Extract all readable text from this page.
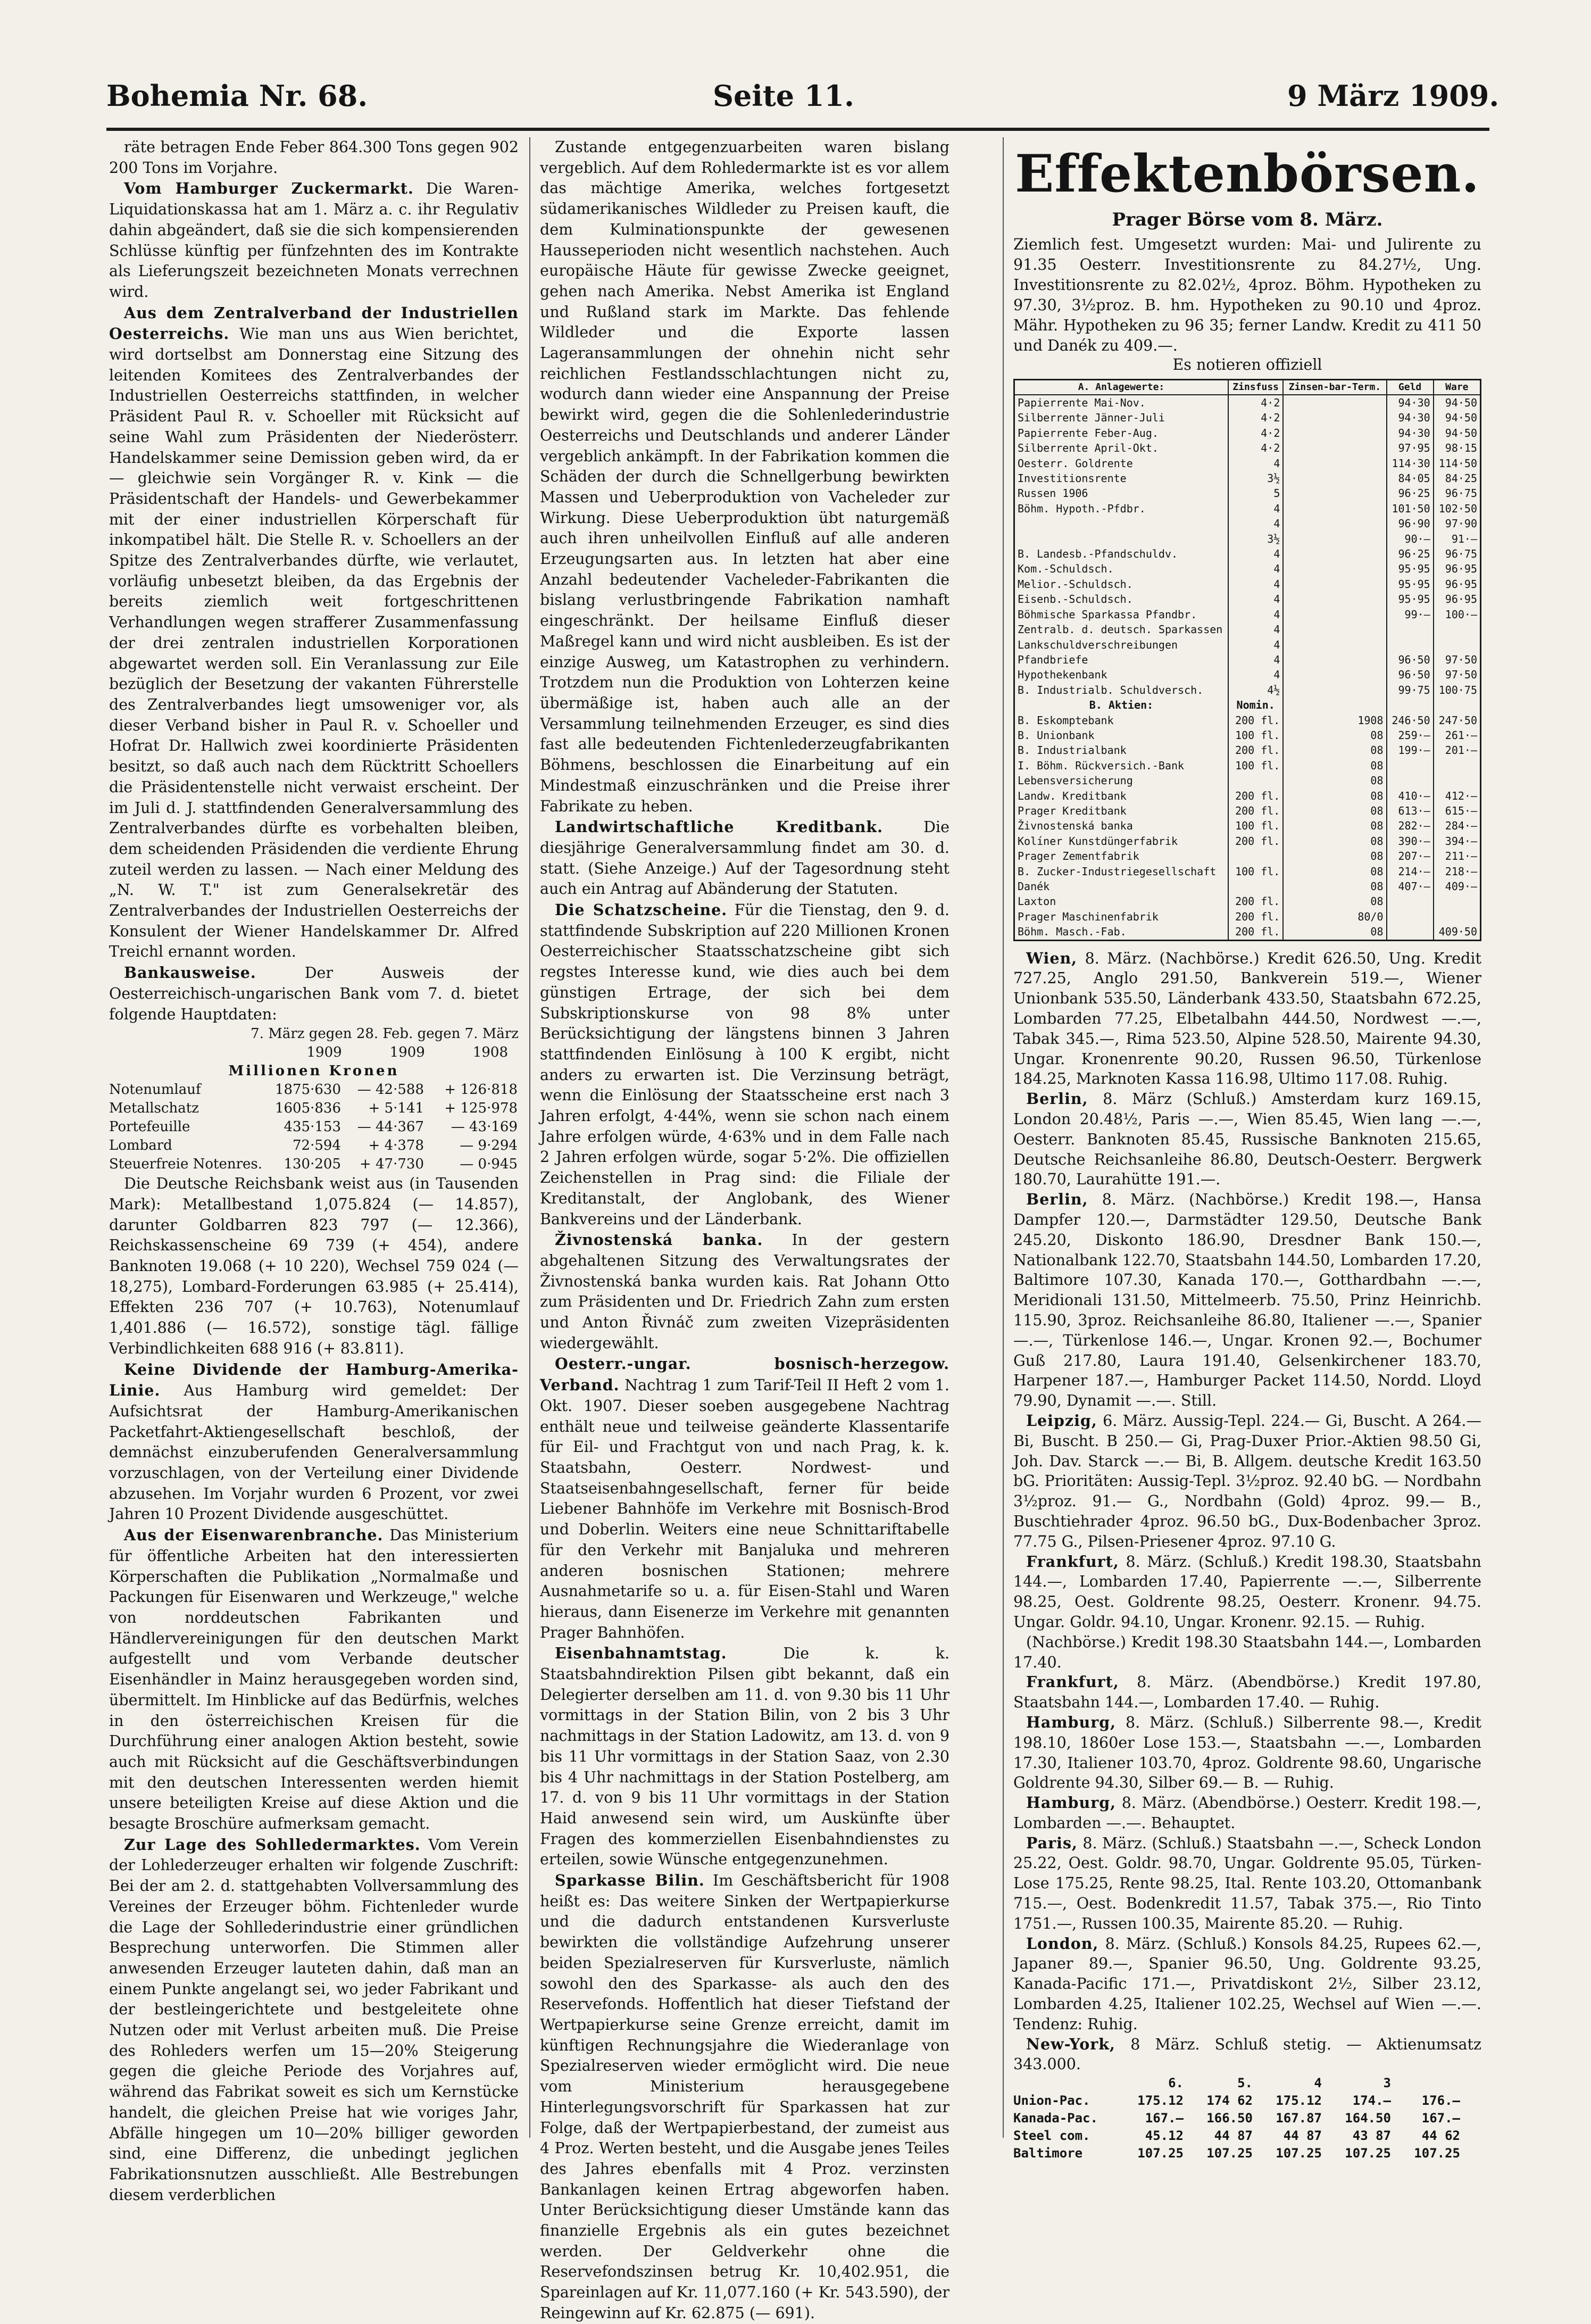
Bohemia Nr. 68.	Seite 11.	9 März 1909.

räte betragen Ende Feber 864.300 Tons gegen 902 200 Tons im Vorjahre.

Vom Hamburger Zuckermarkt. Die Waren-Liquidationskassa hat am 1. März a. c. ihr Regulativ dahin abgeändert, daß sie die sich kompensierenden Schlüsse künftig per fünfzehnten des im Kontrakte als Lieferungszeit bezeichneten Monats verrechnen wird.

Aus dem Zentralverband der Industriellen Oesterreichs. Wie man uns aus Wien berichtet, wird dortselbst am Donnerstag eine Sitzung des leitenden Komitees des Zentralverbandes der Industriellen Oesterreichs stattfinden, in welcher Präsident Paul R. v. Schoeller mit Rücksicht auf seine Wahl zum Präsidenten der Niederösterr. Handelskammer seine Demission geben wird, da er — gleichwie sein Vorgänger R. v. Kink — die Präsidentschaft der Handels- und Gewerbekammer mit der einer industriellen Körperschaft für inkompatibel hält. Die Stelle R. v. Schoellers an der Spitze des Zentralverbandes dürfte, wie verlautet, vorläufig unbesetzt bleiben, da das Ergebnis der bereits ziemlich weit fortgeschrittenen Verhandlungen wegen strafferer Zusammenfassung der drei zentralen industriellen Korporationen abgewartet werden soll. Ein Veranlassung zur Eile bezüglich der Besetzung der vakanten Führerstelle des Zentralverbandes liegt umsoweniger vor, als dieser Verband bisher in Paul R. v. Schoeller und Hofrat Dr. Hallwich zwei koordinierte Präsidenten besitzt, so daß auch nach dem Rücktritt Schoellers die Präsidentenstelle nicht verwaist erscheint. Der im Juli d. J. stattfindenden Generalversammlung des Zentralverbandes dürfte es vorbehalten bleiben, dem scheidenden Präsidenden die verdiente Ehrung zuteil werden zu lassen. — Nach einer Meldung des „N. W. T." ist zum Generalsekretär des Zentralverbandes der Industriellen Oesterreichs der Konsulent der Wiener Handelskammer Dr. Alfred Treichl ernannt worden.

Bankausweise.	Der Ausweis der Oesterreichisch-ungarischen Bank vom 7. d. bietet folgende Hauptdaten:

7. März gegen 28. Feb. gegen 7. März
1909	1909	1908
Millionen Kronen
Notenumlauf	1875·630	— 42·588	+ 126·818
Metallschatz	1605·836	+ 5·141	+ 125·978
Portefeuille	435·153	— 44·367	— 43·169
Lombard	72·594	+ 4·378	— 9·294
Steuerfreie Notenres.	130·205	+ 47·730	— 0·945

Die Deutsche Reichsbank weist aus (in Tausenden Mark): Metallbestand 1,075.824 (— 14.857), darunter Goldbarren 823 797 (— 12.366), Reichskassenscheine 69 739 (+ 454), andere Banknoten 19.068 (+ 10 220), Wechsel 759 024 (— 18,275), Lombard-Forderungen 63.985 (+ 25.414), Effekten 236 707 (+ 10.763), Notenumlauf 1,401.886 (— 16.572), sonstige tägl. fällige Verbindlichkeiten 688 916 (+ 83.811).

Keine Dividende der Hamburg-Amerika-Linie. Aus Hamburg wird gemeldet: Der Aufsichtsrat der Hamburg-Amerikanischen Packetfahrt-Aktiengesellschaft beschloß, der demnächst einzuberufenden Generalversammlung vorzuschlagen, von der Verteilung einer Dividende abzusehen. Im Vorjahr wurden 6 Prozent, vor zwei Jahren 10 Prozent Dividende ausgeschüttet.

Aus der Eisenwarenbranche. Das Ministerium für öffentliche Arbeiten hat den interessierten Körperschaften die Publikation „Normalmaße und Packungen für Eisenwaren und Werkzeuge," welche von norddeutschen Fabrikanten und Händlervereinigungen für den deutschen Markt aufgestellt und vom Verbande deutscher Eisenhändler in Mainz herausgegeben worden sind, übermittelt. Im Hinblicke auf das Bedürfnis, welches in den österreichischen Kreisen für die Durchführung einer analogen Aktion besteht, sowie auch mit Rücksicht auf die Geschäftsverbindungen mit den deutschen Interessenten werden hiemit unsere beteiligten Kreise auf diese Aktion und die besagte Broschüre aufmerksam gemacht.

Zur Lage des Sohlledermarktes. Vom Verein der Lohlederzeuger erhalten wir folgende Zuschrift: Bei der am 2. d. stattgehabten Vollversammlung des Vereines der Erzeuger böhm. Fichtenleder wurde die Lage der Sohllederindustrie einer gründlichen Besprechung unterworfen. Die Stimmen aller anwesenden Erzeuger lauteten dahin, daß man an einem Punkte angelangt sei, wo jeder Fabrikant und der bestleingerichtete und bestgeleitete ohne Nutzen oder mit Verlust arbeiten muß. Die Preise des Rohleders werfen um 15—20% Steigerung gegen die gleiche Periode des Vorjahres auf, während das Fabrikat soweit es sich um Kernstücke handelt, die gleichen Preise hat wie voriges Jahr, Abfälle hingegen um 10—20% billiger geworden sind, eine Differenz, die unbedingt jeglichen Fabrikationsnutzen ausschließt. Alle Bestrebungen diesem verderblichen

Zustande entgegenzuarbeiten waren bislang vergeblich. Auf dem Rohledermarkte ist es vor allem das mächtige Amerika, welches fortgesetzt südamerikanisches Wildleder zu Preisen kauft, die dem Kulminationspunkte der gewesenen Hausseperioden nicht wesentlich nachstehen. Auch europäische Häute für gewisse Zwecke geeignet, gehen nach Amerika. Nebst Amerika ist England und Rußland stark im Markte. Das fehlende Wildleder und die Exporte lassen Lageransammlungen der ohnehin nicht sehr reichlichen Festlandsschlachtungen nicht zu, wodurch dann wieder eine Anspannung der Preise bewirkt wird, gegen die die Sohlenlederindustrie Oesterreichs und Deutschlands und anderer Länder vergeblich ankämpft. In der Fabrikation kommen die Schäden der durch die Schnellgerbung bewirkten Massen und Ueberproduktion von Vacheleder zur Wirkung. Diese Ueberproduktion übt naturgemäß auch ihren unheilvollen Einfluß auf alle anderen Erzeugungsarten aus. In letzten hat aber eine Anzahl bedeutender Vacheleder-Fabrikanten die bislang verlustbringende Fabrikation namhaft eingeschränkt. Der heilsame Einfluß dieser Maßregel kann und wird nicht ausbleiben. Es ist der einzige Ausweg, um Katastrophen zu verhindern. Trotzdem nun die Produktion von Lohterzen keine übermäßige ist, haben auch alle an der Versammlung teilnehmenden Erzeuger, es sind dies fast alle bedeutenden Fichtenlederzeugfabrikanten Böhmens, beschlossen die Einarbeitung auf ein Mindestmaß einzuschränken und die Preise ihrer Fabrikate zu heben.

Landwirtschaftliche Kreditbank.	Die diesjährige Generalversammlung findet am 30. d. statt. (Siehe Anzeige.) Auf der Tagesordnung steht auch ein Antrag auf Abänderung der Statuten.

Die Schatzscheine. Für die Tienstag, den 9. d. stattfindende Subskription auf 220 Millionen Kronen Oesterreichischer Staatsschatzscheine gibt sich regstes Interesse kund, wie dies auch bei dem günstigen Ertrage, der sich bei dem Subskriptionskurse von 98 8% unter Berücksichtigung der längstens binnen 3 Jahren stattfindenden Einlösung à 100 K ergibt, nicht anders zu erwarten ist. Die Verzinsung beträgt, wenn die Einlösung der Staatsscheine erst nach 3 Jahren erfolgt, 4·44%, wenn sie schon nach einem Jahre erfolgen würde, 4·63% und in dem Falle nach 2 Jahren erfolgen würde, sogar 5·2%. Die offiziellen Zeichenstellen in Prag sind: die Filiale der Kreditanstalt, der Anglobank, des Wiener Bankvereins und der Länderbank.

Živnostenská banka. In der gestern abgehaltenen Sitzung des Verwaltungsrates der Živnostenská banka wurden kais. Rat Johann Otto zum Präsidenten und Dr. Friedrich Zahn zum ersten und Anton Řivnáč zum zweiten Vizepräsidenten wiedergewählt.

Oesterr.-ungar. bosnisch-herzegow. Verband. Nachtrag 1 zum Tarif-Teil II Heft 2 vom 1. Okt. 1907. Dieser soeben ausgegebene Nachtrag enthält neue und teilweise geänderte Klassentarife für Eil- und Frachtgut von und nach Prag, k. k. Staatsbahn, Oesterr. Nordwest- und Staatseisenbahngesellschaft, ferner für beide Liebener Bahnhöfe im Verkehre mit Bosnisch-Brod und Doberlin. Weiters eine neue Schnittariftabelle für den Verkehr mit Banjaluka und mehreren anderen bosnischen Stationen; mehrere Ausnahmetarife so u. a. für Eisen-Stahl und Waren hieraus, dann Eisenerze im Verkehre mit genannten Prager Bahnhöfen.

Eisenbahnamtstag.	Die k. k. Staatsbahndirektion Pilsen gibt bekannt, daß ein Delegierter derselben am 11. d. von 9.30 bis 11 Uhr vormittags in der Station Bilin, von 2 bis 3 Uhr nachmittags in der Station Ladowitz, am 13. d. von 9 bis 11 Uhr vormittags in der Station Saaz, von 2.30 bis 4 Uhr nachmittags in der Station Postelberg, am 17. d. von 9 bis 11 Uhr vormittags in der Station Haid anwesend sein wird, um Auskünfte über Fragen des kommerziellen Eisenbahndienstes zu erteilen, sowie Wünsche entgegenzunehmen.

Sparkasse Bilin. Im Geschäftsbericht für 1908 heißt es: Das weitere Sinken der Wertpapierkurse und die dadurch entstandenen Kursverluste bewirkten die vollständige Aufzehrung unserer beiden Spezialreserven für Kursverluste, nämlich sowohl den des Sparkasse- als auch den des Reservefonds. Hoffentlich hat dieser Tiefstand der Wertpapierkurse seine Grenze erreicht, damit im künftigen Rechnungsjahre die Wiederanlage von Spezialreserven wieder ermöglicht wird. Die neue vom Ministerium herausgegebene Hinterlegungsvorschrift für Sparkassen hat zur Folge, daß der Wertpapierbestand, der zumeist aus 4 Proz. Werten besteht, und die Ausgabe jenes Teiles des Jahres ebenfalls mit 4 Proz. verzinsten Bankanlagen keinen Ertrag abgeworfen haben. Unter Berücksichtigung dieser Umstände kann das finanzielle Ergebnis als ein gutes bezeichnet werden. Der Geldverkehr ohne die Reservefondszinsen betrug Kr. 10,402.951, die Spareinlagen auf Kr. 11,077.160 (+ Kr. 543.590), der Reingewinn auf Kr. 62.875 (— 691).

Effektenbörsen.
Prager Börse vom 8. März.
Ziemlich fest. Umgesetzt wurden: Mai- und Julirente zu 91.35 Oesterr. Investitionsrente zu 84.27½, Ung. Investitionsrente zu 82.02½, 4proz. Böhm. Hypotheken zu 97.30, 3½proz. B. hm. Hypotheken zu 90.10 und 4proz. Mähr. Hypotheken zu 96 35; ferner Landw. Kredit zu 411 50 und Danék zu 409.—.
Es notieren offiziell
A. Anlagewerte:	Zinsfuss	Zinsen-bar-Term.	Geld	Ware
Papierrente Mai-Nov.	4·2		94·30	94·50
Silberrente Jänner-Juli	4·2		94·30	94·50
Papierrente Feber-Aug.	4·2		94·30	94·50
Silberrente April-Okt.	4·2		97·95	98·15
Oesterr. Goldrente	4		114·30	114·50
Investitionsrente	3½		84·05	84·25
Russen 1906	5		96·25	96·75
Böhm. Hypoth.-Pfdbr.	4		101·50	102·50
	4		96·90	97·90
	3½		90·—	91·—
B. Landesb.-Pfandschuldv.	4		96·25	96·75
Kom.-Schuldsch.	4		95·95	96·95
Melior.-Schuldsch.	4		95·95	96·95
Eisenb.-Schuldsch.	4		95·95	96·95
Böhmische Sparkassa Pfandbr.	4		99·—	100·—
Zentralb. d. deutsch. Sparkassen	4			
Lankschuldverschreibungen	4			
Pfandbriefe	4		96·50	97·50
Hypothekenbank	4		96·50	97·50
B. Industrialb. Schuldversch.	4½		99·75	100·75
B. Aktien:	Nomin.			
B. Eskomptebank	200 fl.	1908	246·50	247·50
B. Unionbank	100 fl.	08	259·—	261·—
B. Industrialbank	200 fl.	08	199·—	201·—
I. Böhm. Rückversich.-Bank	100 fl.	08		
Lebensversicherung		08		
Landw. Kreditbank	200 fl.	08	410·—	412·—
Prager Kreditbank	200 fl.	08	613·—	615·—
Živnostenská banka	100 fl.	08	282·—	284·—
Kolíner Kunstdüngerfabrik	200 fl.	08	390·—	394·—
Prager Zementfabrik		08	207·—	211·—
B. Zucker-Industriegesellschaft	100 fl.	08	214·—	218·—
Danék		08	407·—	409·—
Laxton	200 fl.	08		
Prager Maschinenfabrik	200 fl.	80/0		
Böhm. Masch.-Fab.	200 fl.	08		409·50

Wien, 8. März. (Nachbörse.) Kredit 626.50, Ung. Kredit 727.25, Anglo 291.50, Bankverein 519.—, Wiener Unionbank 535.50, Länderbank 433.50, Staatsbahn 672.25, Lombarden 77.25, Elbetalbahn 444.50, Nordwest —.—, Tabak 345.—, Rima 523.50, Alpine 528.50, Mairente 94.30, Ungar. Kronenrente 90.20, Russen 96.50, Türkenlose 184.25, Marknoten Kassa 116.98, Ultimo 117.08. Ruhig.

Berlin, 8. März (Schluß.) Amsterdam kurz 169.15, London 20.48½, Paris —.—, Wien 85.45, Wien lang —.—, Oesterr. Banknoten 85.45, Russische Banknoten 215.65, Deutsche Reichsanleihe 86.80, Deutsch-Oesterr. Bergwerk 180.70, Laurahütte 191.—.

Berlin, 8. März. (Nachbörse.) Kredit 198.—, Hansa Dampfer 120.—, Darmstädter 129.50, Deutsche Bank 245.20, Diskonto 186.90, Dresdner Bank 150.—, Nationalbank 122.70, Staatsbahn 144.50, Lombarden 17.20, Baltimore 107.30, Kanada 170.—, Gotthardbahn —.—, Meridionali 131.50, Mittelmeerb. 75.50, Prinz Heinrichb. 115.90, 3proz. Reichsanleihe 86.80, Italiener —.—, Spanier —.—, Türkenlose 146.—, Ungar. Kronen 92.—, Bochumer Guß 217.80, Laura 191.40, Gelsenkirchener 183.70, Harpener 187.—, Hamburger Packet 114.50, Nordd. Lloyd 79.90, Dynamit —.—. Still.

Leipzig, 6. März. Aussig-Tepl. 224.— Gi, Buscht. A 264.— Bi, Buscht. B 250.— Gi, Prag-Duxer Prior.-Aktien 98.50 Gi, Joh. Dav. Starck —.— Bi, B. Allgem. deutsche Kredit 163.50 bG. Prioritäten: Aussig-Tepl. 3½proz. 92.40 bG. — Nordbahn 3½proz. 91.— G., Nordbahn (Gold) 4proz. 99.— B., Buschtiehrader 4proz. 96.50 bG., Dux-Bodenbacher 3proz. 77.75 G., Pilsen-Priesener 4proz. 97.10 G.

Frankfurt, 8. März. (Schluß.) Kredit 198.30, Staatsbahn 144.—, Lombarden 17.40, Papierrente —.—, Silberrente 98.25, Oest. Goldrente 98.25, Oesterr. Kronenr. 94.75. Ungar. Goldr. 94.10, Ungar. Kronenr. 92.15. — Ruhig.

(Nachbörse.) Kredit 198.30 Staatsbahn 144.—, Lombarden 17.40.

Frankfurt, 8. März. (Abendbörse.) Kredit 197.80, Staatsbahn 144.—, Lombarden 17.40. — Ruhig.

Hamburg, 8. März. (Schluß.) Silberrente 98.—, Kredit 198.10, 1860er Lose 153.—, Staatsbahn —.—, Lombarden 17.30, Italiener 103.70, 4proz. Goldrente 98.60, Ungarische Goldrente 94.30, Silber 69.— B. — Ruhig.

Hamburg, 8. März. (Abendbörse.) Oesterr. Kredit 198.—, Lombarden —.—. Behauptet.

Paris, 8. März. (Schluß.) Staatsbahn —.—, Scheck London 25.22, Oest. Goldr. 98.70, Ungar. Goldrente 95.05, Türken-Lose 175.25, Rente 98.25, Ital. Rente 103.20, Ottomanbank 715.—, Oest. Bodenkredit 11.57, Tabak 375.—, Rio Tinto 1751.—, Russen 100.35, Mairente 85.20. — Ruhig.

London, 8. März. (Schluß.) Konsols 84.25, Rupees 62.—, Japaner 89.—, Spanier 96.50, Ung. Goldrente 93.25, Kanada-Pacific 171.—, Privatdiskont 2½, Silber 23.12, Lombarden 4.25, Italiener 102.25, Wechsel auf Wien —.—. Tendenz: Ruhig.

New-York, 8 März. Schluß stetig. — Aktienumsatz 343.000.

6.	5.	4	3
Union-Pac.	175.12	174 62	175.12	174.—	176.—
Kanada-Pac.	167.—	166.50	167.87	164.50	167.—
Steel com.	45.12	44 87	44 87	43 87	44 62
Baltimore	107.25	107.25	107.25	107.25	107.25
